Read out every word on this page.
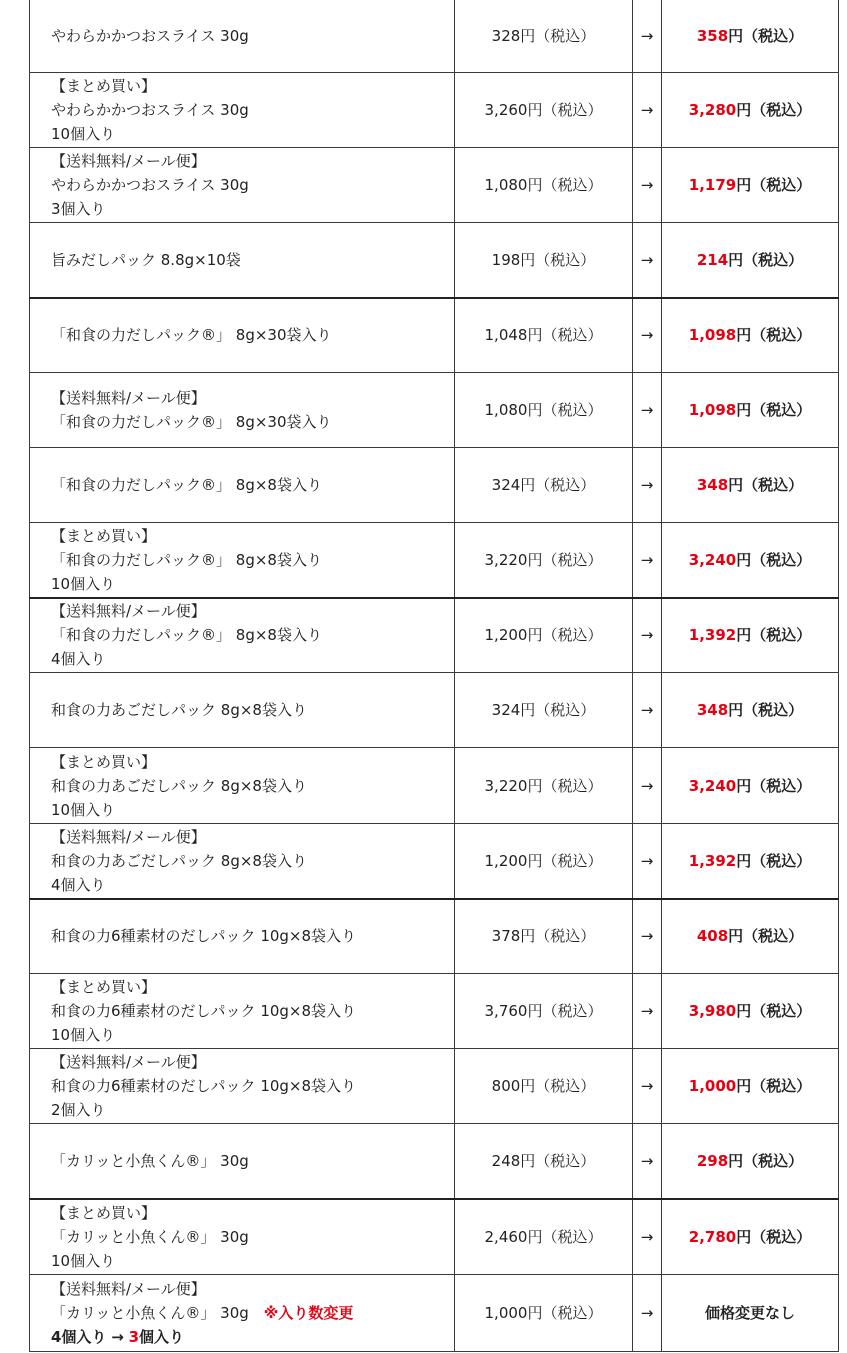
やわらかかつおスライス 30g	328円（税込）	→	358円（税込）

【まとめ買い】
やわらかかつおスライス 30g
10個入り	3,260円（税込）	→	3,280円（税込）

【送料無料/メール便】
やわらかかつおスライス 30g
3個入り	1,080円（税込）	→	1,179円（税込）

旨みだしパック 8.8g×10袋	198円（税込）	→	214円（税込）

「和食の力だしパック®」 8g×30袋入り	1,048円（税込）	→	1,098円（税込）

【送料無料/メール便】
「和食の力だしパック®」 8g×30袋入り	1,080円（税込）	→	1,098円（税込）

「和食の力だしパック®」 8g×8袋入り	324円（税込）	→	348円（税込）

【まとめ買い】
「和食の力だしパック®」 8g×8袋入り
10個入り	3,220円（税込）	→	3,240円（税込）

【送料無料/メール便】
「和食の力だしパック®」 8g×8袋入り
4個入り	1,200円（税込）	→	1,392円（税込）

和食の力あごだしパック 8g×8袋入り	324円（税込）	→	348円（税込）

【まとめ買い】
和食の力あごだしパック 8g×8袋入り
10個入り	3,220円（税込）	→	3,240円（税込）

【送料無料/メール便】
和食の力あごだしパック 8g×8袋入り
4個入り	1,200円（税込）	→	1,392円（税込）

和食の力6種素材のだしパック 10g×8袋入り	378円（税込）	→	408円（税込）

【まとめ買い】
和食の力6種素材のだしパック 10g×8袋入り
10個入り	3,760円（税込）	→	3,980円（税込）

【送料無料/メール便】
和食の力6種素材のだしパック 10g×8袋入り
2個入り	800円（税込）	→	1,000円（税込）

「カリッと小魚くん®」 30g	248円（税込）	→	298円（税込）

【まとめ買い】
「カリッと小魚くん®」 30g
10個入り	2,460円（税込）	→	2,780円（税込）

【送料無料/メール便】
「カリッと小魚くん®」 30g　 ※入り数変更
4個入り → 3個入り	1,000円（税込）	→	価格変更なし
